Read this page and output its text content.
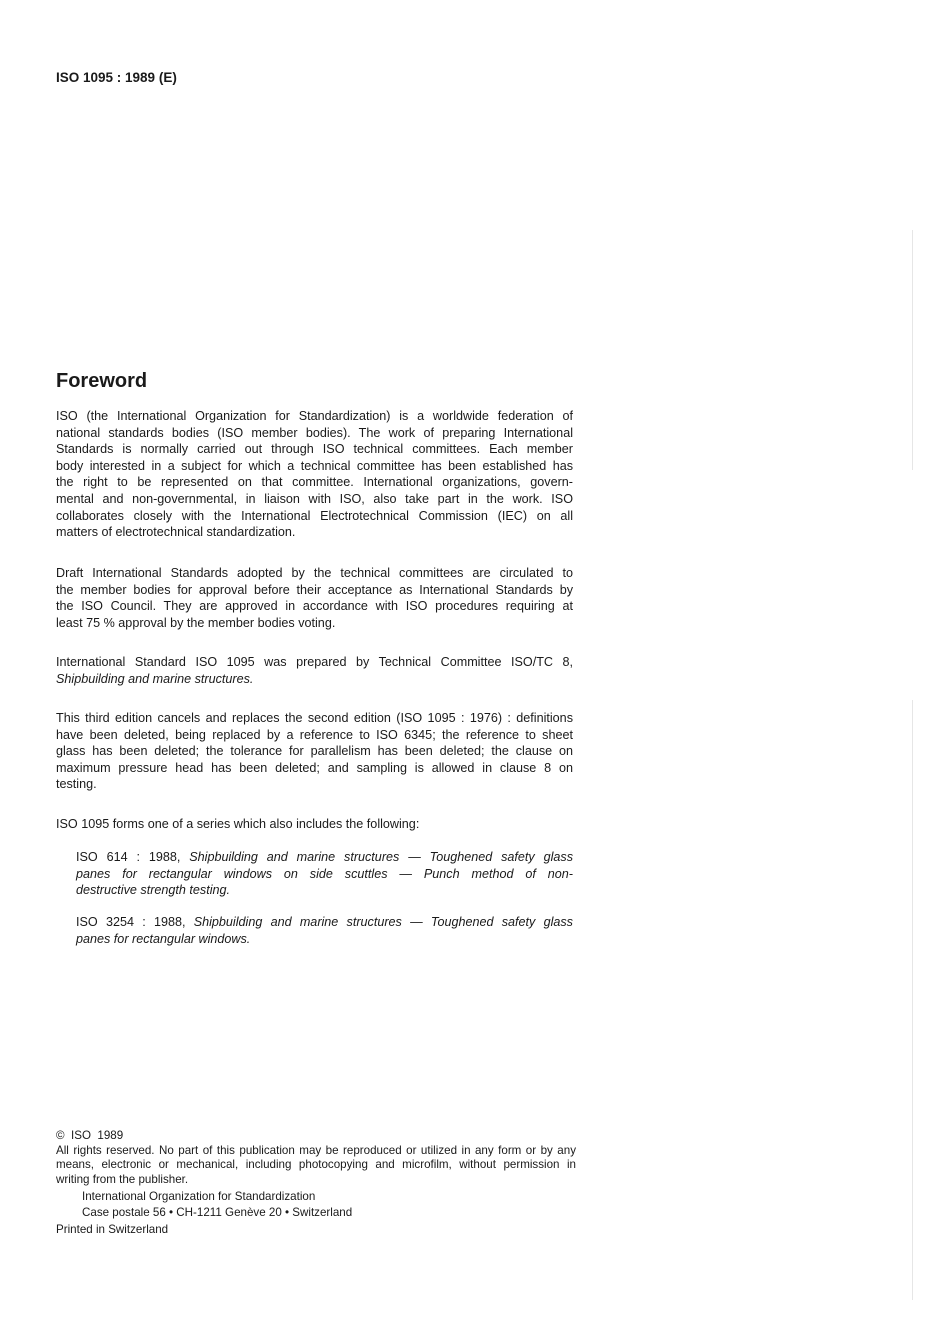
ISO 1095 : 1989 (E)
Foreword
ISO (the International Organization for Standardization) is a worldwide federation of
national standards bodies (ISO member bodies). The work of preparing International
Standards is normally carried out through ISO technical committees. Each member
body interested in a subject for which a technical committee has been established has
the right to be represented on that committee. International organizations, govern-
mental and non-governmental, in liaison with ISO, also take part in the work. ISO
collaborates closely with the International Electrotechnical Commission (IEC) on all
matters of electrotechnical standardization.
Draft International Standards adopted by the technical committees are circulated to
the member bodies for approval before their acceptance as International Standards by
the ISO Council. They are approved in accordance with ISO procedures requiring at
least 75 % approval by the member bodies voting.
International Standard ISO 1095 was prepared by Technical Committee ISO/TC 8,
Shipbuilding and marine structures.
This third edition cancels and replaces the second edition (ISO 1095 : 1976) : definitions
have been deleted, being replaced by a reference to ISO 6345; the reference to sheet
glass has been deleted; the tolerance for parallelism has been deleted; the clause on
maximum pressure head has been deleted; and sampling is allowed in clause 8 on
testing.
ISO 1095 forms one of a series which also includes the following:
ISO 614 : 1988, Shipbuilding and marine structures — Toughened safety glass
panes for rectangular windows on side scuttles — Punch method of non-
destructive strength testing.
ISO 3254 : 1988, Shipbuilding and marine structures — Toughened safety glass
panes for rectangular windows.
©  ISO  1989
All rights reserved. No part of this publication may be reproduced or utilized in any form or by any
means, electronic or mechanical, including photocopying and microfilm, without permission in
writing from the publisher.
International Organization for Standardization
Case postale 56 • CH-1211 Genève 20 • Switzerland
Printed in Switzerland
